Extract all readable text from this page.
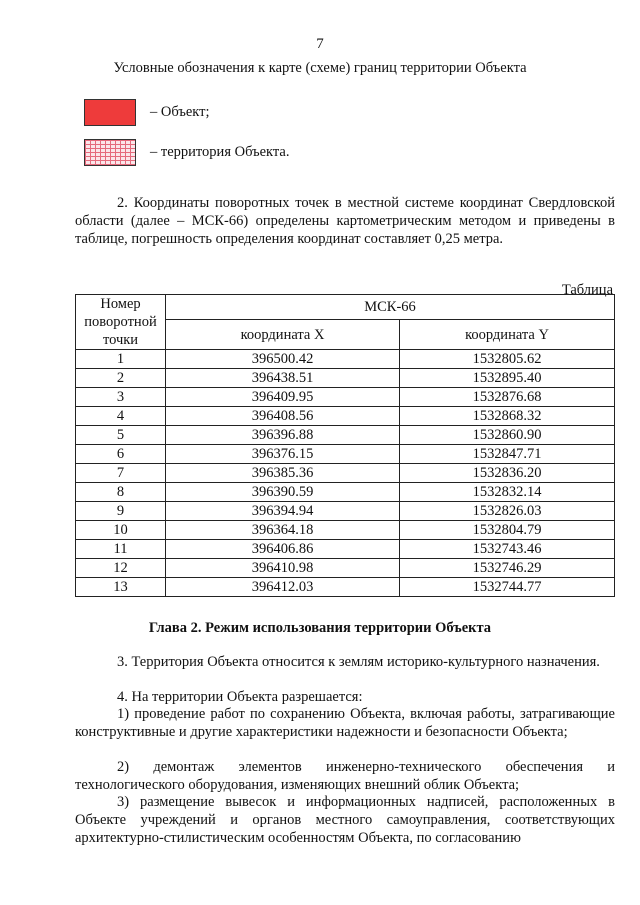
7
Условные обозначения к карте (схеме) границ территории Объекта
– Объект;
– территория Объекта.
2. Координаты поворотных точек в местной системе координат Свердловской области (далее – МСК-66) определены картометрическим методом и приведены в таблице, погрешность определения координат составляет 0,25 метра.
Таблица
Номер поворотной точки	МСК-66	
	координата X	координата Y
1	396500.42	1532805.62
2	396438.51	1532895.40
3	396409.95	1532876.68
4	396408.56	1532868.32
5	396396.88	1532860.90
6	396376.15	1532847.71
7	396385.36	1532836.20
8	396390.59	1532832.14
9	396394.94	1532826.03
10	396364.18	1532804.79
11	396406.86	1532743.46
12	396410.98	1532746.29
13	396412.03	1532744.77
Глава 2. Режим использования территории Объекта
3. Территория Объекта относится к землям историко-культурного назначения.
4. На территории Объекта разрешается:
1) проведение работ по сохранению Объекта, включая работы, затрагивающие конструктивные и другие характеристики надежности и безопасности Объекта;
2) демонтаж элементов инженерно-технического обеспечения и технологического оборудования, изменяющих внешний облик Объекта;
3) размещение вывесок и информационных надписей, расположенных в Объекте учреждений и органов местного самоуправления, соответствующих архитектурно-стилистическим особенностям Объекта, по согласованию
